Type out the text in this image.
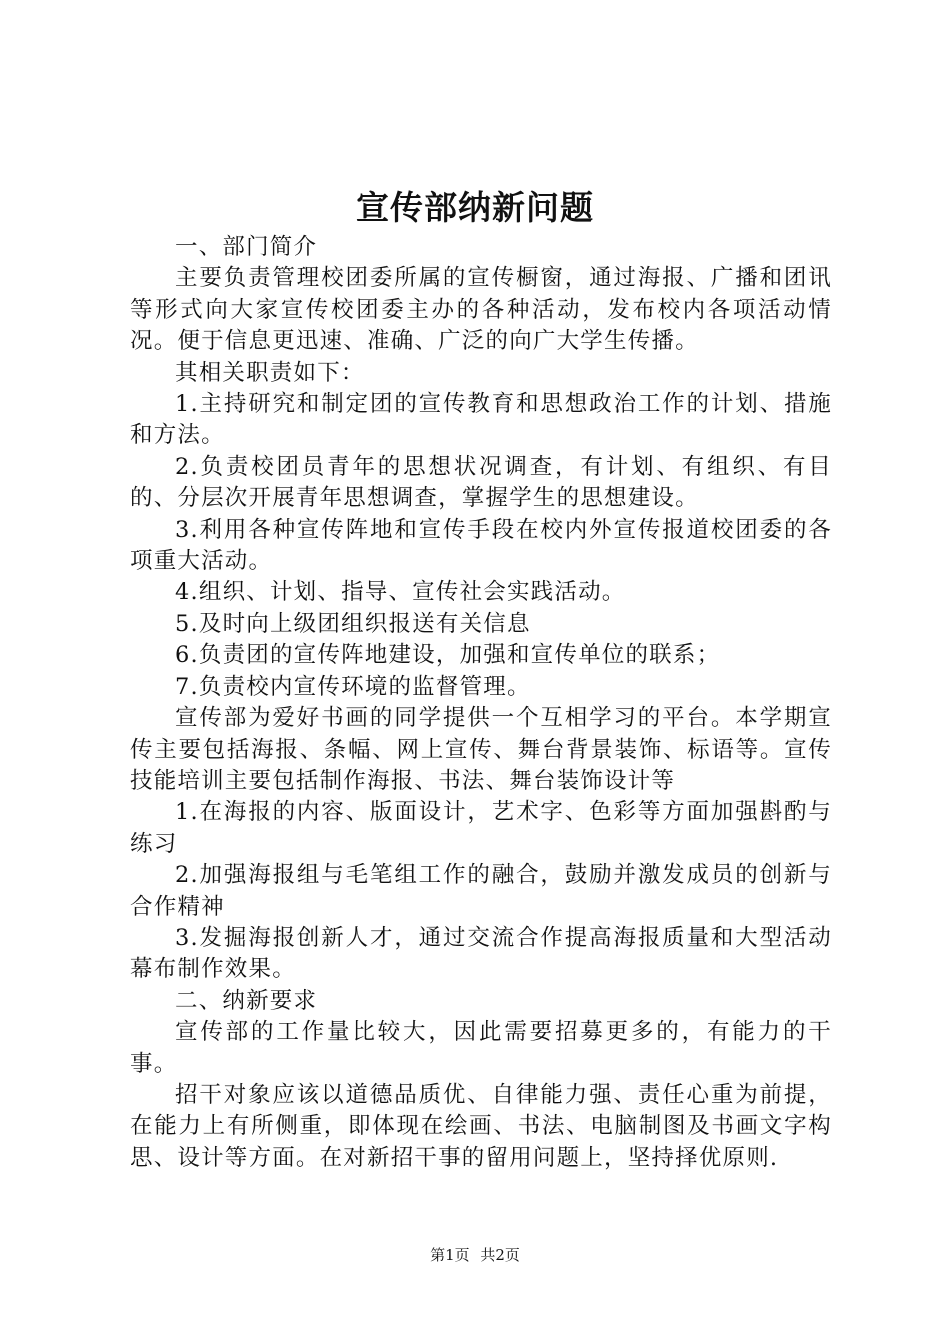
宣传部纳新问题

一、部门简介

主要负责管理校团委所属的宣传橱窗，通过海报、广播和团讯等形式向大家宣传校团委主办的各种活动，发布校内各项活动情况。便于信息更迅速、准确、广泛的向广大学生传播。

其相关职责如下：

1.主持研究和制定团的宣传教育和思想政治工作的计划、措施和方法。

2.负责校团员青年的思想状况调查，有计划、有组织、有目的、分层次开展青年思想调查，掌握学生的思想建设。

3.利用各种宣传阵地和宣传手段在校内外宣传报道校团委的各项重大活动。

4.组织、计划、指导、宣传社会实践活动。

5.及时向上级团组织报送有关信息

6.负责团的宣传阵地建设，加强和宣传单位的联系；

7.负责校内宣传环境的监督管理。

宣传部为爱好书画的同学提供一个互相学习的平台。本学期宣传主要包括海报、条幅、网上宣传、舞台背景装饰、标语等。宣传技能培训主要包括制作海报、书法、舞台装饰设计等

1.在海报的内容、版面设计，艺术字、色彩等方面加强斟酌与练习

2.加强海报组与毛笔组工作的融合，鼓励并激发成员的创新与合作精神

3.发掘海报创新人才，通过交流合作提高海报质量和大型活动幕布制作效果。

二、纳新要求

宣传部的工作量比较大，因此需要招募更多的，有能力的干事。

招干对象应该以道德品质优、自律能力强、责任心重为前提，在能力上有所侧重，即体现在绘画、书法、电脑制图及书画文字构思、设计等方面。在对新招干事的留用问题上，坚持择优原则.

第1页 共2页
